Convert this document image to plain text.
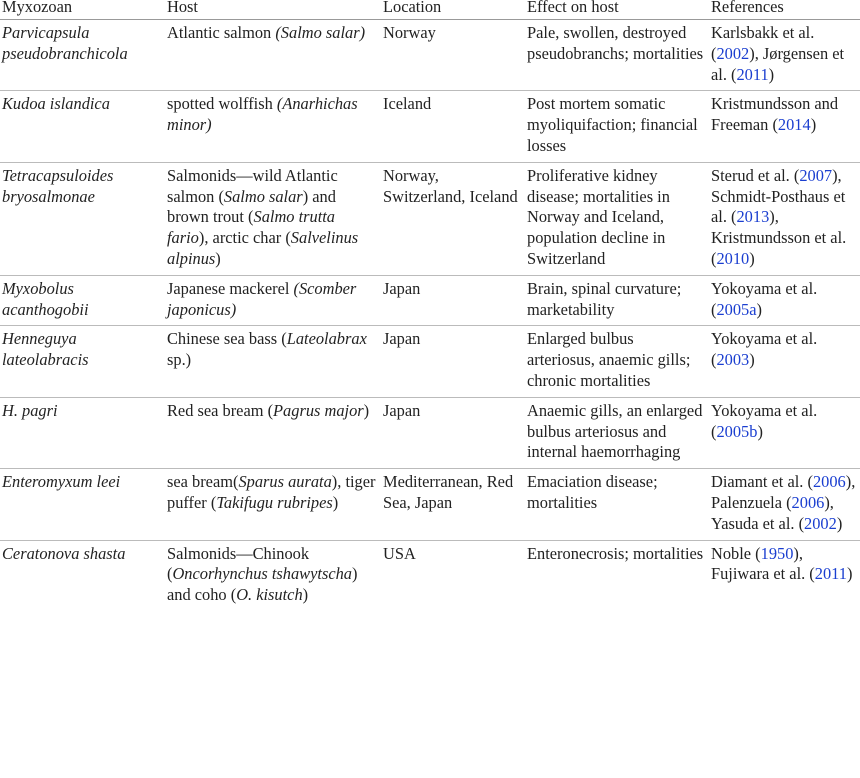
Myxozoan	Host	Location	Effect on host	References
Parvicapsula pseudobranchicola	Atlantic salmon (Salmo salar)	Norway	Pale, swollen, destroyed pseudobranchs; mortalities	Karlsbakk et al. (2002), Jørgensen et al. (2011)
Kudoa islandica	spotted wolffish (Anarhichas minor)	Iceland	Post mortem somatic myoliquifaction; financial losses	Kristmundsson and Freeman (2014)
Tetracapsuloides bryosalmonae	Salmonids—wild Atlantic salmon (Salmo salar) and brown trout (Salmo trutta fario), arctic char (Salvelinus alpinus)	Norway, Switzerland, Iceland	Proliferative kidney disease; mortalities in Norway and Iceland, population decline in Switzerland	Sterud et al. (2007), Schmidt-Posthaus et al. (2013), Kristmundsson et al. (2010)
Myxobolus acanthogobii	Japanese mackerel (Scomber japonicus)	Japan	Brain, spinal curvature; marketability	Yokoyama et al. (2005a)
Henneguya lateolabracis	Chinese sea bass (Lateolabrax sp.)	Japan	Enlarged bulbus arteriosus, anaemic gills; chronic mortalities	Yokoyama et al. (2003)
H. pagri	Red sea bream (Pagrus major)	Japan	Anaemic gills, an enlarged bulbus arteriosus and internal haemorrhaging	Yokoyama et al. (2005b)
Enteromyxum leei	sea bream(Sparus aurata), tiger puffer (Takifugu rubripes)	Mediterranean, Red Sea, Japan	Emaciation disease; mortalities	Diamant et al. (2006), Palenzuela (2006), Yasuda et al. (2002)
Ceratonova shasta	Salmonids—Chinook (Oncorhynchus tshawytscha) and coho (O. kisutch)	USA	Enteronecrosis; mortalities	Noble (1950), Fujiwara et al. (2011)
